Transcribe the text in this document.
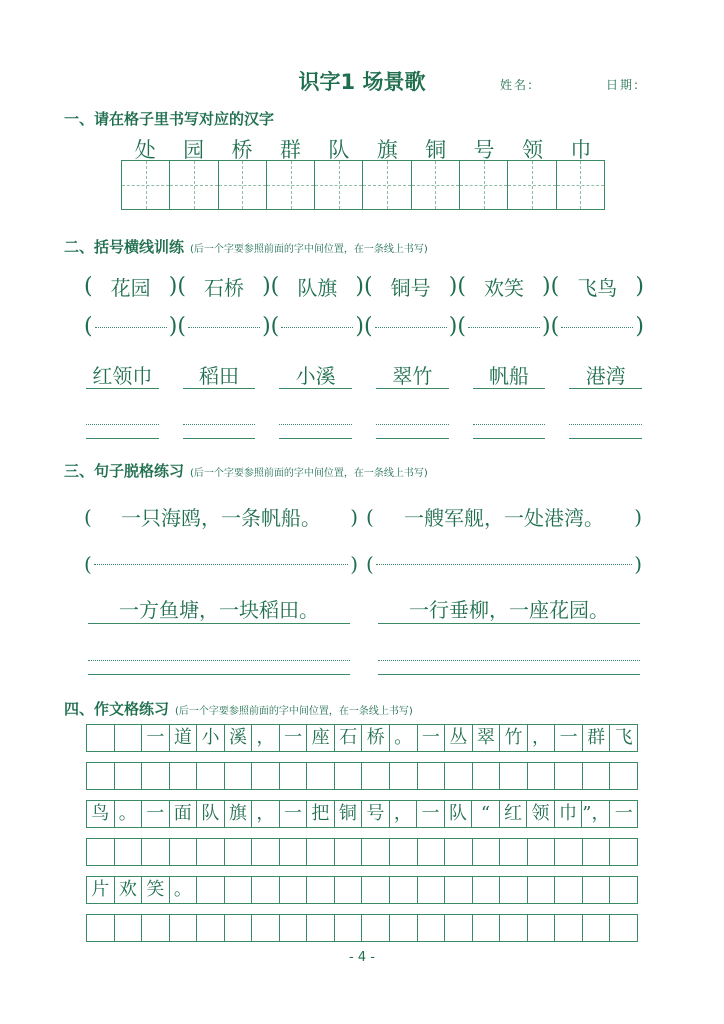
识字1 场景歌	姓名:	日期:
一、请在格子里书写对应的汉字
处	园	桥	群	队	旗	铜	号	领	巾
二、括号横线训练 (后一个字要参照前面的字中间位置，在一条线上书写)
( 花园 ) ( 石桥 ) ( 队旗 ) ( 铜号 ) ( 欢笑 ) ( 飞鸟 )
(	) (	) (	) (	) (	) (	)
红领巾	稻田	小溪	翠竹	帆船	港湾
三、句子脱格练习 (后一个字要参照前面的字中间位置，在一条线上书写)
(	一只海鸥，一条帆船。	) (	一艘军舰，一处港湾。	)
(	) (	)
一方鱼塘，一块稻田。	一行垂柳，一座花园。
四、作文格练习 (后一个字要参照前面的字中间位置，在一条线上书写)
一 道 小 溪 ， 一 座 石 桥 。 一 丛 翠 竹 ， 一 群 飞
鸟 。 一 面 队 旗 ， 一 把 铜 号 ， 一 队 “ 红 领 巾 ”， 一
片 欢 笑 。
- 4 -
